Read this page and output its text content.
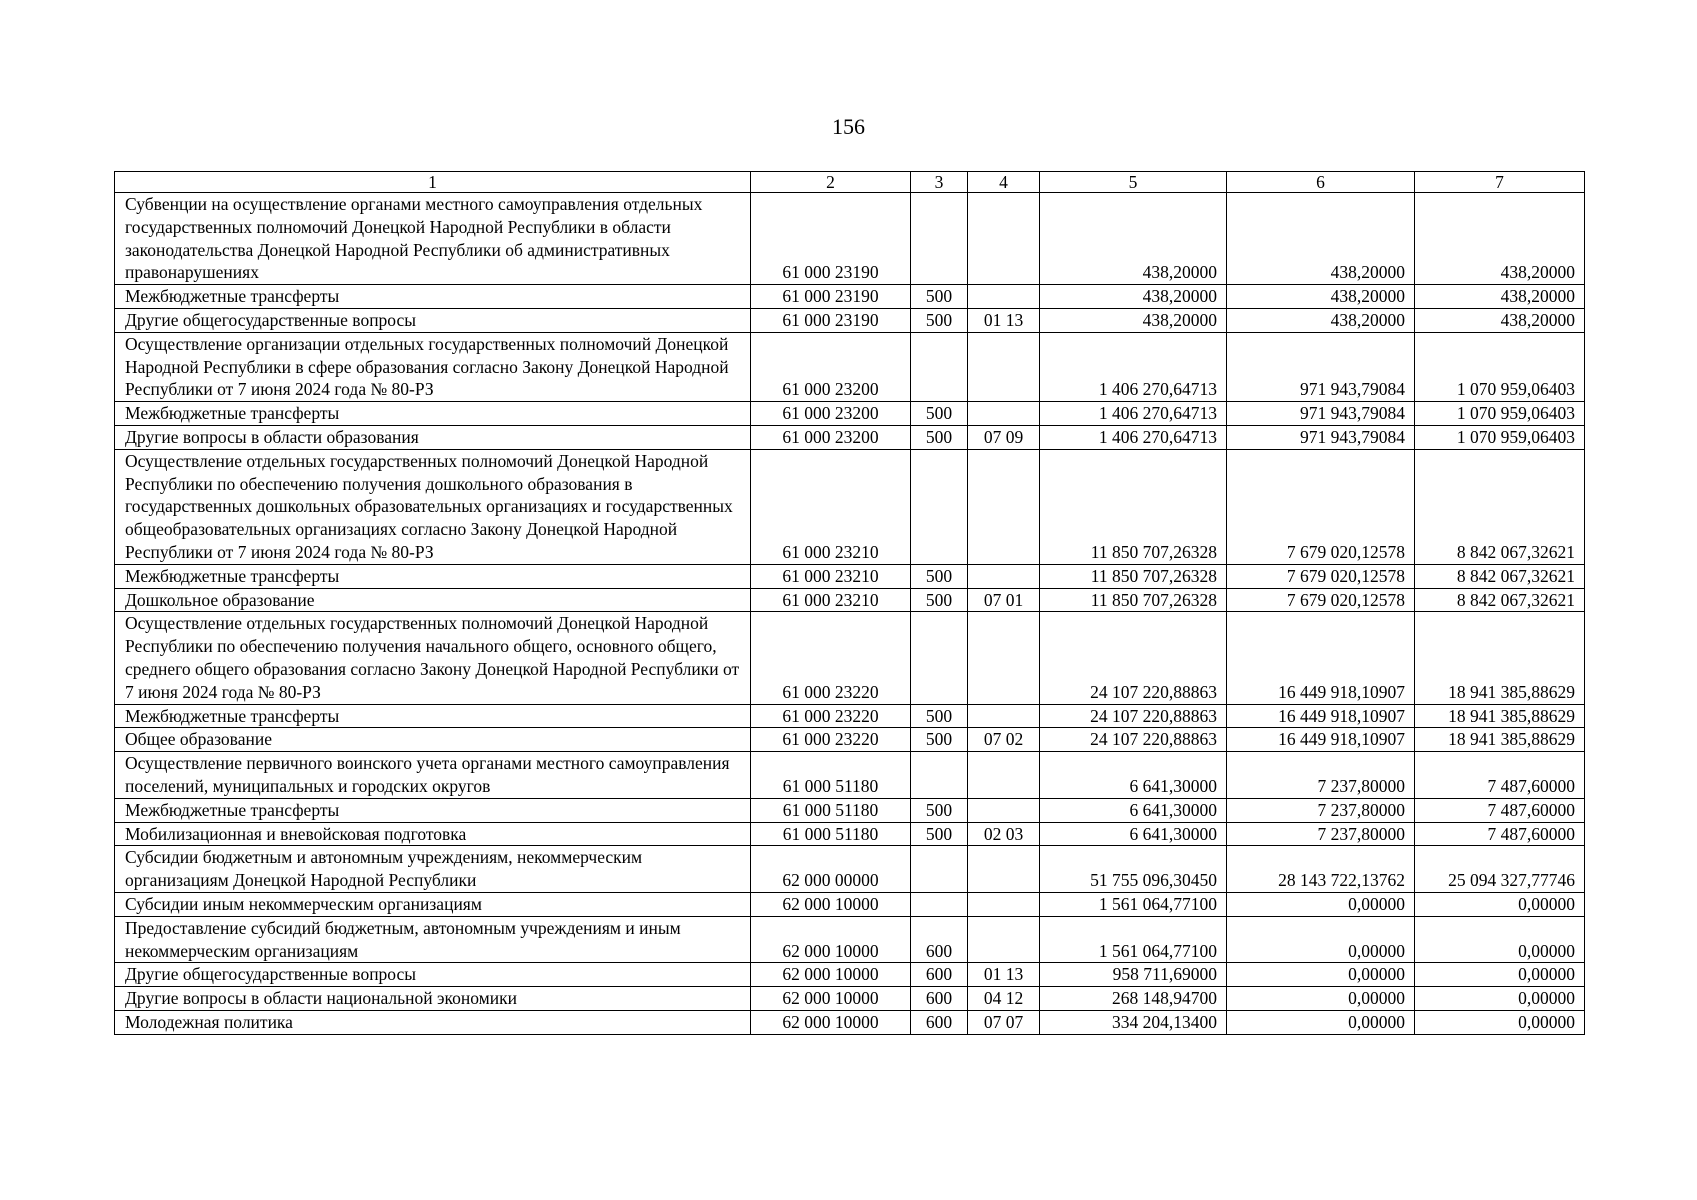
156
1	2	3	4	5	6	7
Субвенции на осуществление органами местного самоуправления отдельных государственных полномочий Донецкой Народной Республики в области законодательства Донецкой Народной Республики об административных правонарушениях	61 000 23190			438,20000	438,20000	438,20000
Межбюджетные трансферты	61 000 23190	500		438,20000	438,20000	438,20000
Другие общегосударственные вопросы	61 000 23190	500	01 13	438,20000	438,20000	438,20000
Осуществление организации отдельных государственных полномочий Донецкой Народной Республики в сфере образования согласно Закону Донецкой Народной Республики от 7 июня 2024 года № 80-РЗ	61 000 23200			1 406 270,64713	971 943,79084	1 070 959,06403
Межбюджетные трансферты	61 000 23200	500		1 406 270,64713	971 943,79084	1 070 959,06403
Другие вопросы в области образования	61 000 23200	500	07 09	1 406 270,64713	971 943,79084	1 070 959,06403
Осуществление отдельных государственных полномочий Донецкой Народной Республики по обеспечению получения дошкольного образования в государственных дошкольных образовательных организациях и государственных общеобразовательных организациях согласно Закону Донецкой Народной Республики от 7 июня 2024 года № 80-РЗ	61 000 23210			11 850 707,26328	7 679 020,12578	8 842 067,32621
Межбюджетные трансферты	61 000 23210	500		11 850 707,26328	7 679 020,12578	8 842 067,32621
Дошкольное образование	61 000 23210	500	07 01	11 850 707,26328	7 679 020,12578	8 842 067,32621
Осуществление отдельных государственных полномочий Донецкой Народной Республики по обеспечению получения начального общего, основного общего, среднего общего образования согласно Закону Донецкой Народной Республики от 7 июня 2024 года № 80-РЗ	61 000 23220			24 107 220,88863	16 449 918,10907	18 941 385,88629
Межбюджетные трансферты	61 000 23220	500		24 107 220,88863	16 449 918,10907	18 941 385,88629
Общее образование	61 000 23220	500	07 02	24 107 220,88863	16 449 918,10907	18 941 385,88629
Осуществление первичного воинского учета органами местного самоуправления поселений, муниципальных и городских округов	61 000 51180			6 641,30000	7 237,80000	7 487,60000
Межбюджетные трансферты	61 000 51180	500		6 641,30000	7 237,80000	7 487,60000
Мобилизационная и вневойсковая подготовка	61 000 51180	500	02 03	6 641,30000	7 237,80000	7 487,60000
Субсидии бюджетным и автономным учреждениям, некоммерческим организациям Донецкой Народной Республики	62 000 00000			51 755 096,30450	28 143 722,13762	25 094 327,77746
Субсидии иным некоммерческим организациям	62 000 10000			1 561 064,77100	0,00000	0,00000
Предоставление субсидий бюджетным, автономным учреждениям и иным некоммерческим организациям	62 000 10000	600		1 561 064,77100	0,00000	0,00000
Другие общегосударственные вопросы	62 000 10000	600	01 13	958 711,69000	0,00000	0,00000
Другие вопросы в области национальной экономики	62 000 10000	600	04 12	268 148,94700	0,00000	0,00000
Молодежная политика	62 000 10000	600	07 07	334 204,13400	0,00000	0,00000
